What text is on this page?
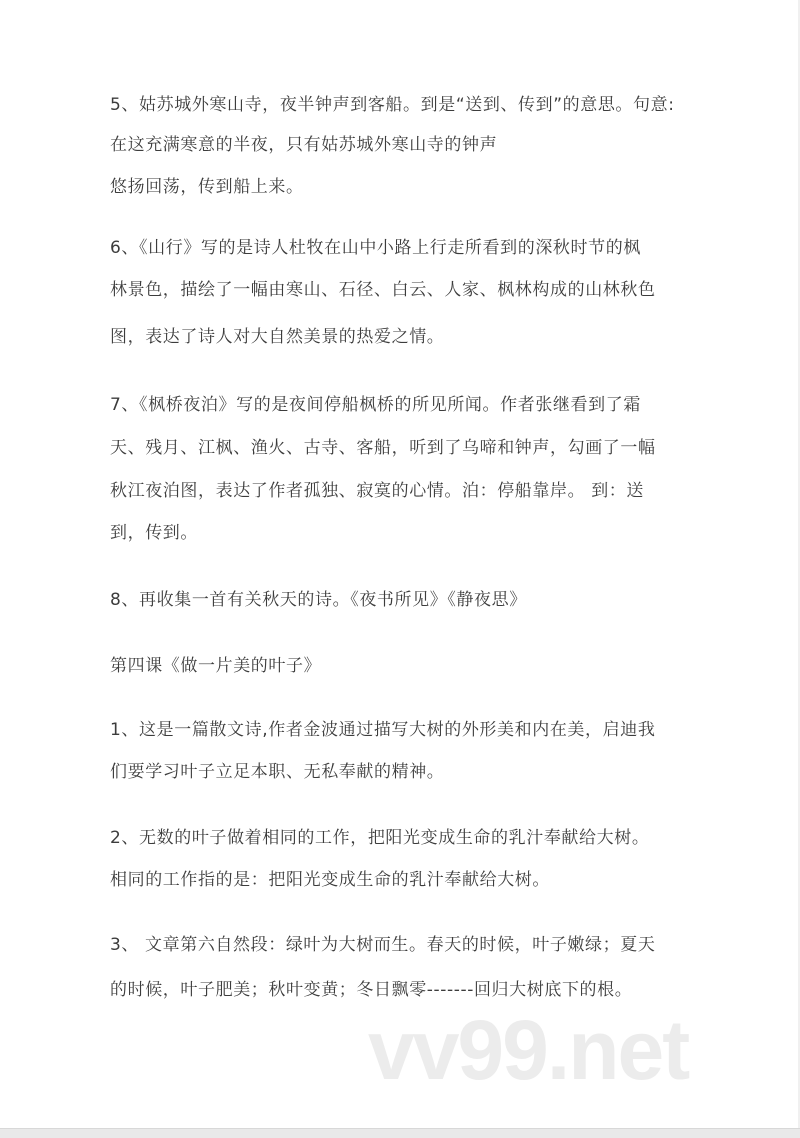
5、姑苏城外寒山寺，夜半钟声到客船。到是“送到、传到”的意思。句意:
在这充满寒意的半夜，只有姑苏城外寒山寺的钟声
悠扬回荡，传到船上来。
6、《山行》写的是诗人杜牧在山中小路上行走所看到的深秋时节的枫
林景色，描绘了一幅由寒山、石径、白云、人家、枫林构成的山林秋色
图，表达了诗人对大自然美景的热爱之情。
7、《枫桥夜泊》写的是夜间停船枫桥的所见所闻。作者张继看到了霜
天、残月、江枫、渔火、古寺、客船，听到了乌啼和钟声，勾画了一幅
秋江夜泊图，表达了作者孤独、寂寞的心情。泊：停船靠岸。 到：送
到，传到。
8、再收集一首有关秋天的诗。《夜书所见》《静夜思》
第四课《做一片美的叶子》
1、这是一篇散文诗,作者金波通过描写大树的外形美和内在美，启迪我
们要学习叶子立足本职、无私奉献的精神。
2、无数的叶子做着相同的工作，把阳光变成生命的乳汁奉献给大树。
相同的工作指的是：把阳光变成生命的乳汁奉献给大树。
3、 文章第六自然段：绿叶为大树而生。春天的时候，叶子嫩绿；夏天
的时候，叶子肥美；秋叶变黄；冬日飘零-------回归大树底下的根。
vv99.net
